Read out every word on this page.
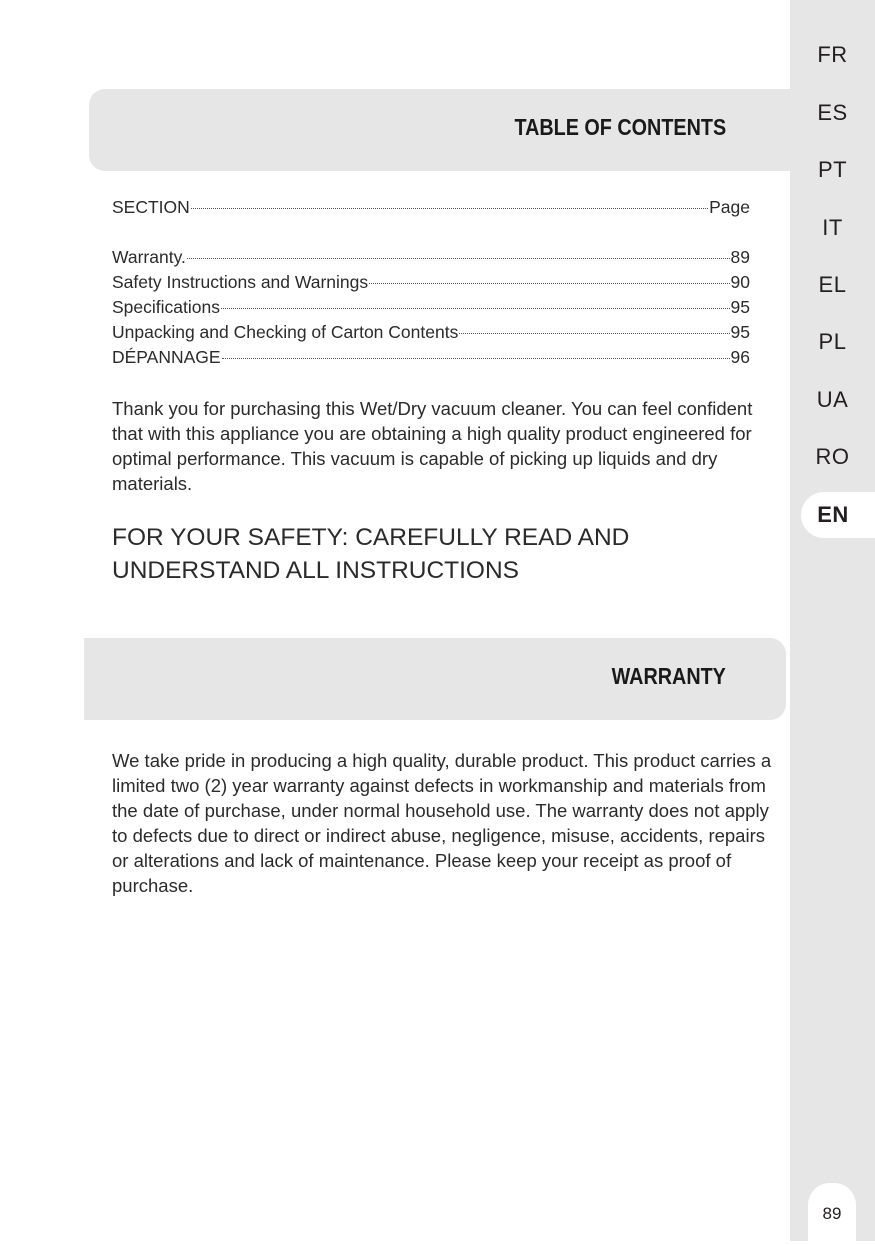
FR
ES
PT
IT
EL
PL
UA
RO
EN
89
TABLE OF CONTENTS
SECTION	Page
Warranty.	89
Safety Instructions and Warnings	90
Specifications	95
Unpacking and Checking of Carton Contents	95
DÉPANNAGE	96

Thank you for purchasing this Wet/Dry vacuum cleaner. You can feel confident that with this appliance you are obtaining a high quality product engineered for optimal performance. This vacuum is capable of picking up liquids and dry materials.

FOR YOUR SAFETY: CAREFULLY READ AND UNDERSTAND ALL INSTRUCTIONS

WARRANTY

We take pride in producing a high quality, durable product. This product carries a limited two (2) year warranty against defects in workmanship and materials from the date of purchase, under normal household use. The warranty does not apply to defects due to direct or indirect abuse, negligence, misuse, accidents, repairs or alterations and lack of maintenance. Please keep your receipt as proof of purchase.
